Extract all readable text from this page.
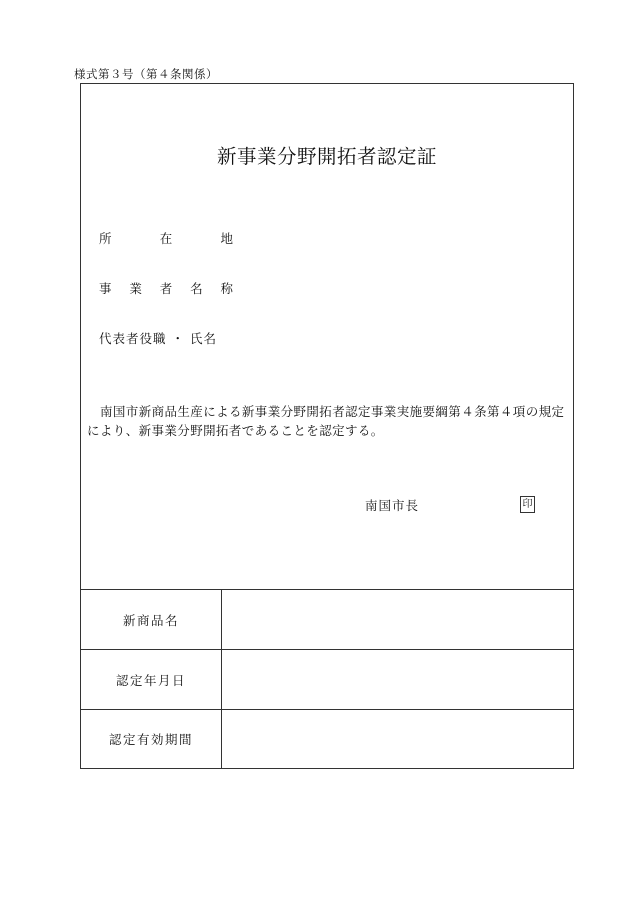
様式第３号（第４条関係）
新事業分野開拓者認定証
所	在	地
事 業 者 名 称
代表者役職 ・ 氏名
南国市新商品生産による新事業分野開拓者認定事業実施要綱第４条第４項の規定により、新事業分野開拓者であることを認定する。
南国市長	印
新商品名	
認定年月日	
認定有効期間	
